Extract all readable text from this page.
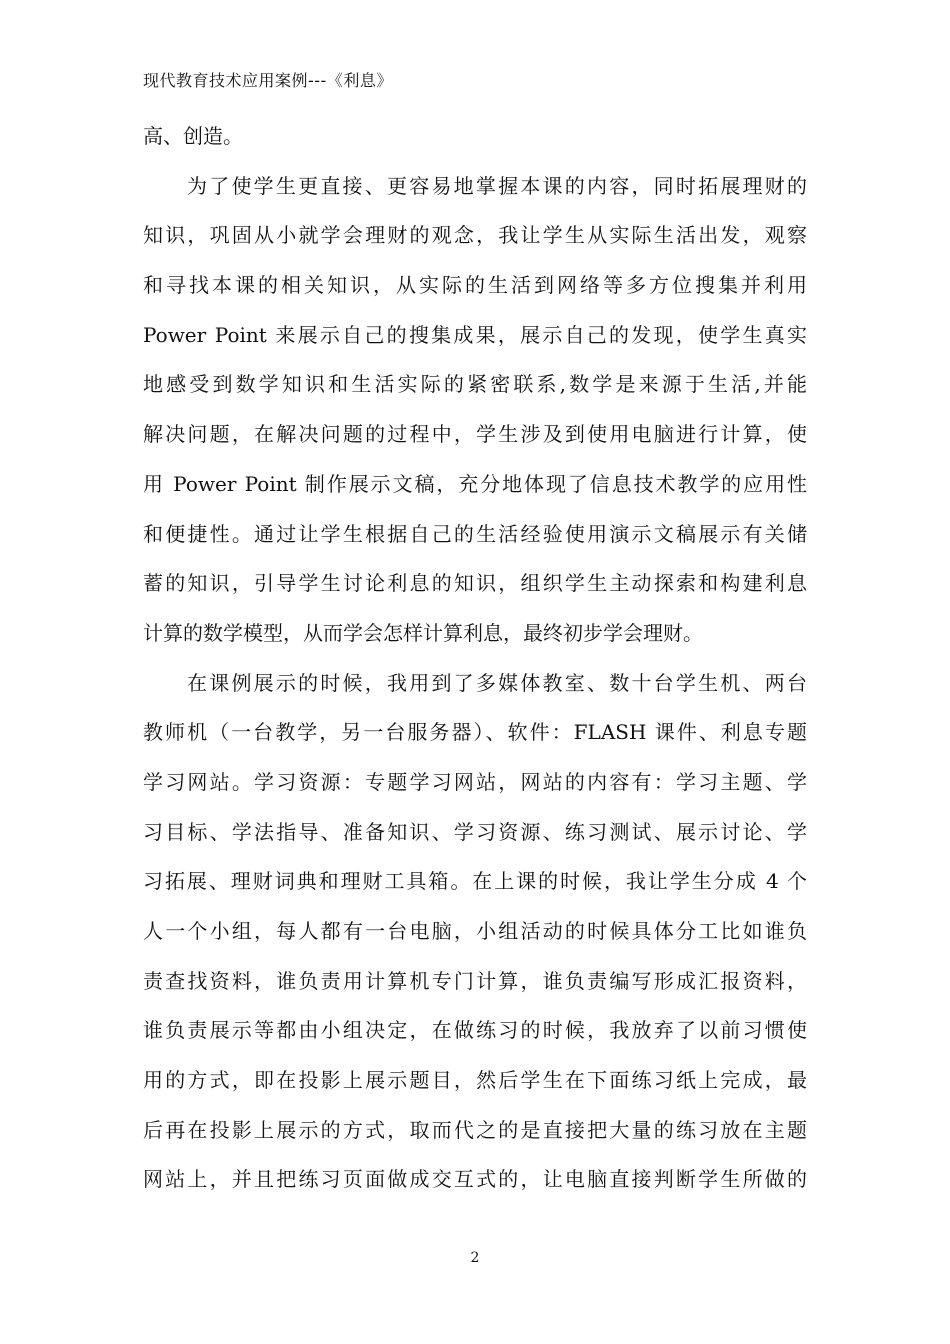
现代教育技术应用案例---《利息》
高、创造。
为了使学生更直接、更容易地掌握本课的内容，同时拓展理财的
知识，巩固从小就学会理财的观念，我让学生从实际生活出发，观察
和寻找本课的相关知识，从实际的生活到网络等多方位搜集并利用
Power Point 来展示自己的搜集成果，展示自己的发现，使学生真实
地感受到数学知识和生活实际的紧密联系,数学是来源于生活,并能
解决问题，在解决问题的过程中，学生涉及到使用电脑进行计算，使
用 Power Point 制作展示文稿，充分地体现了信息技术教学的应用性
和便捷性。通过让学生根据自己的生活经验使用演示文稿展示有关储
蓄的知识，引导学生讨论利息的知识，组织学生主动探索和构建利息
计算的数学模型，从而学会怎样计算利息，最终初步学会理财。
在课例展示的时候，我用到了多媒体教室、数十台学生机、两台
教师机（一台教学，另一台服务器）、软件：FLASH 课件、利息专题
学习网站。学习资源：专题学习网站，网站的内容有：学习主题、学
习目标、学法指导、准备知识、学习资源、练习测试、展示讨论、学
习拓展、理财词典和理财工具箱。在上课的时候，我让学生分成 4 个
人一个小组，每人都有一台电脑，小组活动的时候具体分工比如谁负
责查找资料，谁负责用计算机专门计算，谁负责编写形成汇报资料，
谁负责展示等都由小组决定，在做练习的时候，我放弃了以前习惯使
用的方式，即在投影上展示题目，然后学生在下面练习纸上完成，最
后再在投影上展示的方式，取而代之的是直接把大量的练习放在主题
网站上，并且把练习页面做成交互式的，让电脑直接判断学生所做的
2
